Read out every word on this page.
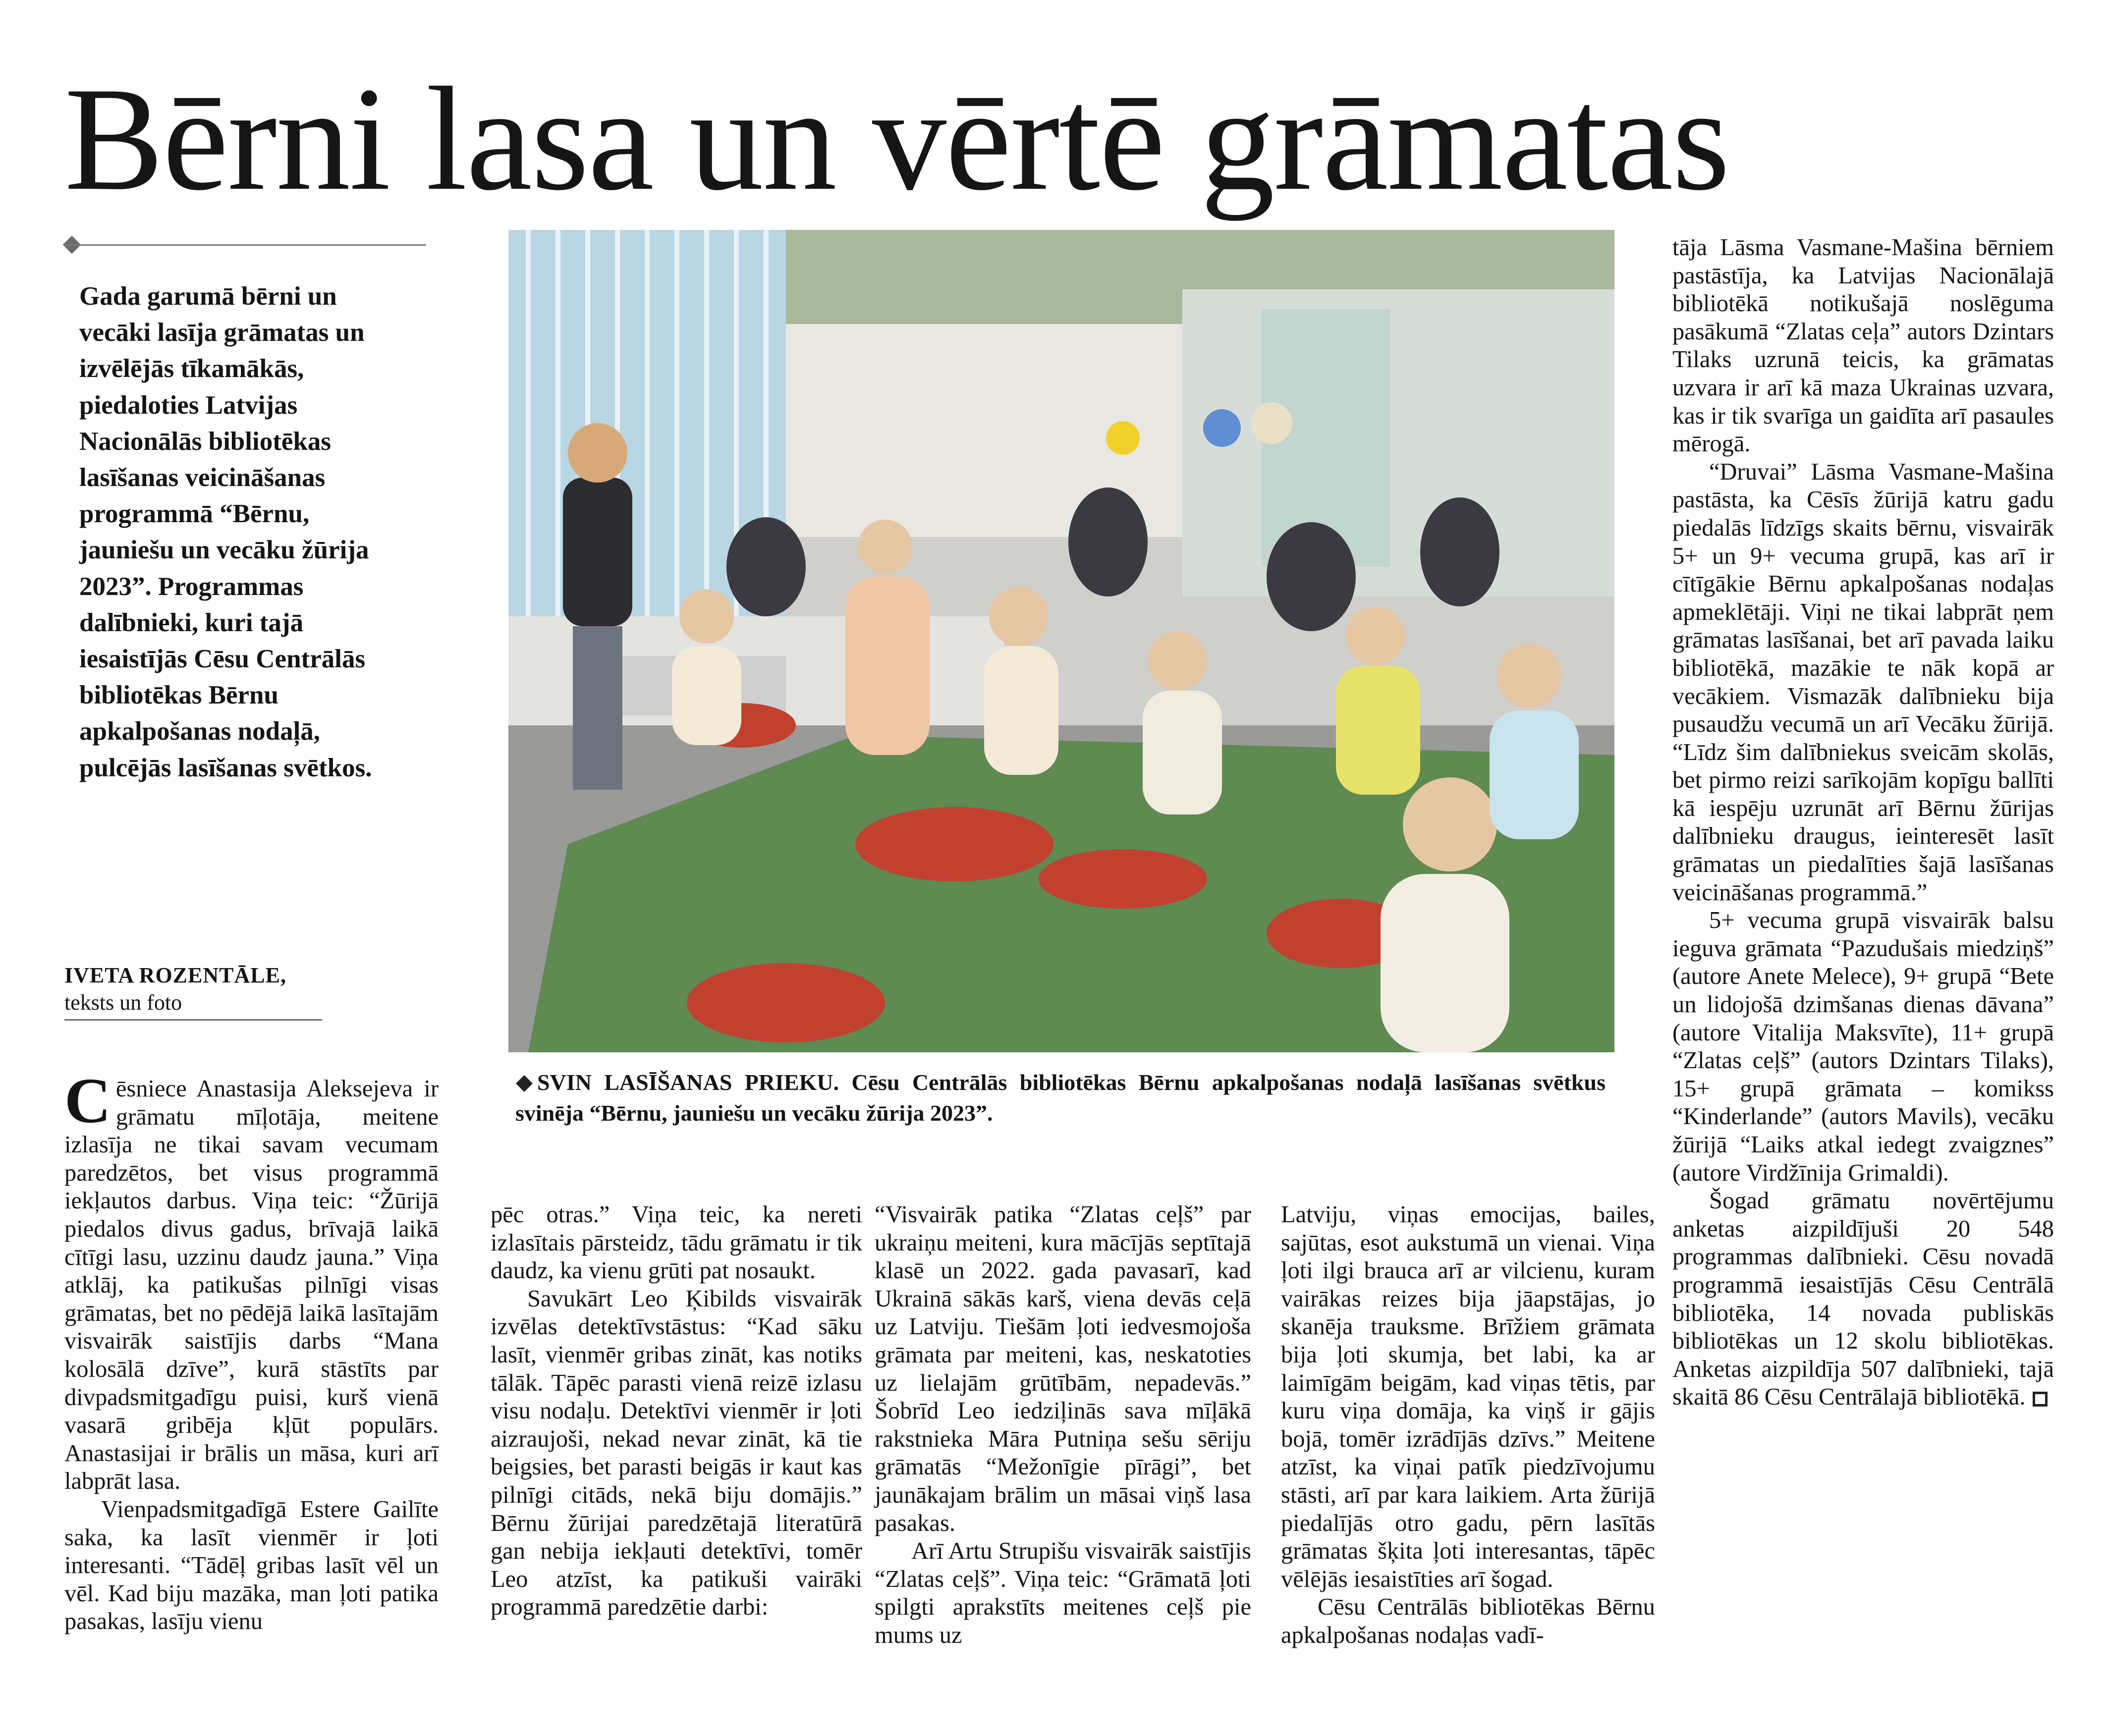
Bērni lasa un vērtē grāmatas
Gada garumā bērni un vecāki lasīja grāmatas un izvēlējās tīkamākās, piedaloties Latvijas Nacionālās bibliotēkas lasīšanas veicināšanas programmā “Bērnu, jauniešu un vecāku žūrija 2023”. Programmas dalībnieki, kuri tajā iesaistījās Cēsu Centrālās bibliotēkas Bērnu apkalpošanas nodaļā, pulcējās lasīšanas svētkos.
IVETA ROZENTĀLE,
teksts un foto
SVIN LASĪŠANAS PRIEKU. Cēsu Centrālās bibliotēkas Bērnu apkalpošanas nodaļā lasīšanas svētkus svinēja “Bērnu, jauniešu un vecāku žūrija 2023”.

Cēsniece Anastasija Alekseјeva ir grāmatu mīļotāja, meitene izlasīja ne tikai savam vecumam paredzētos, bet visus programmā iekļautos darbus. Viņa teic: “Žūrijā piedalos divus gadus, brīvajā laikā cītīgi lasu, uzzinu daudz jauna.” Viņa atklāj, ka patikušas pilnīgi visas grāmatas, bet no pēdējā laikā lasītajām visvairāk saistījis darbs “Mana kolosālā dzīve”, kurā stāstīts par divpadsmitgadīgu puisi, kurš vienā vasarā gribēja kļūt populārs. Anastasijai ir brālis un māsa, kuri arī labprāt lasa.

Vienpadsmitgadīgā Estere Gailīte saka, ka lasīt vienmēr ir ļoti interesanti. “Tādēļ gribas lasīt vēl un vēl. Kad biju mazāka, man ļoti patika pasakas, lasīju vienu

pēc otras.” Viņa teic, ka nereti izlasītais pārsteidz, tādu grāmatu ir tik daudz, ka vienu grūti pat nosaukt.

Savukārt Leo Ķibilds visvairāk izvēlas detektīvstāstus: “Kad sāku lasīt, vienmēr gribas zināt, kas notiks tālāk. Tāpēc parasti vienā reizē izlasu visu nodaļu. Detektīvi vienmēr ir ļoti aizraujoši, nekad nevar zināt, kā tie beigsies, bet parasti beigās ir kaut kas pilnīgi citāds, nekā biju domājis.” Bērnu žūrijai paredzētajā literatūrā gan nebija iekļauti detektīvi, tomēr Leo atzīst, ka patikuši vairāki programmā paredzētie darbi:

“Visvairāk patika “Zlatas ceļš” par ukraiņu meiteni, kura mācījās septītajā klasē un 2022. gada pavasarī, kad Ukrainā sākās karš, viena devās ceļā uz Latviju. Tiešām ļoti iedvesmojoša grāmata par meiteni, kas, neskatoties uz lielajām grūtībām, nepadevās.” Šobrīd Leo iedziļinās sava mīļākā rakstnieka Māra Putniņa sešu sēriju grāmatās “Mežonīgie pīrāgi”, bet jaunākajam brālim un māsai viņš lasa pasakas.

Arī Artu Strupišu visvairāk saistījis “Zlatas ceļš”. Viņa teic: “Grāmatā ļoti spilgti aprakstīts meitenes ceļš pie mums uz

Latviju, viņas emocijas, bailes, sajūtas, esot aukstumā un vienai. Viņa ļoti ilgi brauca arī ar vilcienu, kuram vairākas reizes bija jāapstājas, jo skanēja trauksme. Brīžiem grāmata bija ļoti skumja, bet labi, ka ar laimīgām beigām, kad viņas tētis, par kuru viņa domāja, ka viņš ir gājis bojā, tomēr izrādījās dzīvs.” Meitene atzīst, ka viņai patīk piedzīvojumu stāsti, arī par kara laikiem. Arta žūrijā piedalījās otro gadu, pērn lasītās grāmatas šķita ļoti interesantas, tāpēc vēlējās iesaistīties arī šogad.

Cēsu Centrālās bibliotēkas Bērnu apkalpošanas nodaļas vadī-

tāja Lāsma Vasmane-Mašina bērniem pastāstīja, ka Latvijas Nacionālajā bibliotēkā notikušajā noslēguma pasākumā “Zlatas ceļa” autors Dzintars Tilaks uzrunā teicis, ka grāmatas uzvara ir arī kā maza Ukrainas uzvara, kas ir tik svarīga un gaidīta arī pasaules mērogā.

“Druvai” Lāsma Vasmane-Mašina pastāsta, ka Cēsīs žūrijā katru gadu piedalās līdzīgs skaits bērnu, visvairāk 5+ un 9+ vecuma grupā, kas arī ir cītīgākie Bērnu apkalpošanas nodaļas apmeklētāji. Viņi ne tikai labprāt ņem grāmatas lasīšanai, bet arī pavada laiku bibliotēkā, mazākie te nāk kopā ar vecākiem. Vismazāk dalībnieku bija pusaudžu vecumā un arī Vecāku žūrijā. “Līdz šim dalībniekus sveicām skolās, bet pirmo reizi sarīkojām kopīgu ballīti kā iespēju uzrunāt arī Bērnu žūrijas dalībnieku draugus, ieinteresēt lasīt grāmatas un piedalīties šajā lasīšanas veicināšanas programmā.”

5+ vecuma grupā visvairāk balsu ieguva grāmata “Pazudušais miedziņš” (autore Anete Melece), 9+ grupā “Bete un lidojošā dzimšanas dienas dāvana” (autore Vitalija Maksvīte), 11+ grupā “Zlatas ceļš” (autors Dzintars Tilaks), 15+ grupā grāmata – komikss “Kinderlande” (autors Mavils), vecāku žūrijā “Laiks atkal iedegt zvaigznes” (autore Virdžīnija Grimaldi).

Šogad grāmatu novērtējumu anketas aizpildījuši 20 548 programmas dalībnieki. Cēsu novadā programmā iesaistījās Cēsu Centrālā bibliotēka, 14 novada publiskās bibliotēkas un 12 skolu bibliotēkas. Anketas aizpildīja 507 dalībnieki, tajā skaitā 86 Cēsu Centrālajā bibliotēkā.
